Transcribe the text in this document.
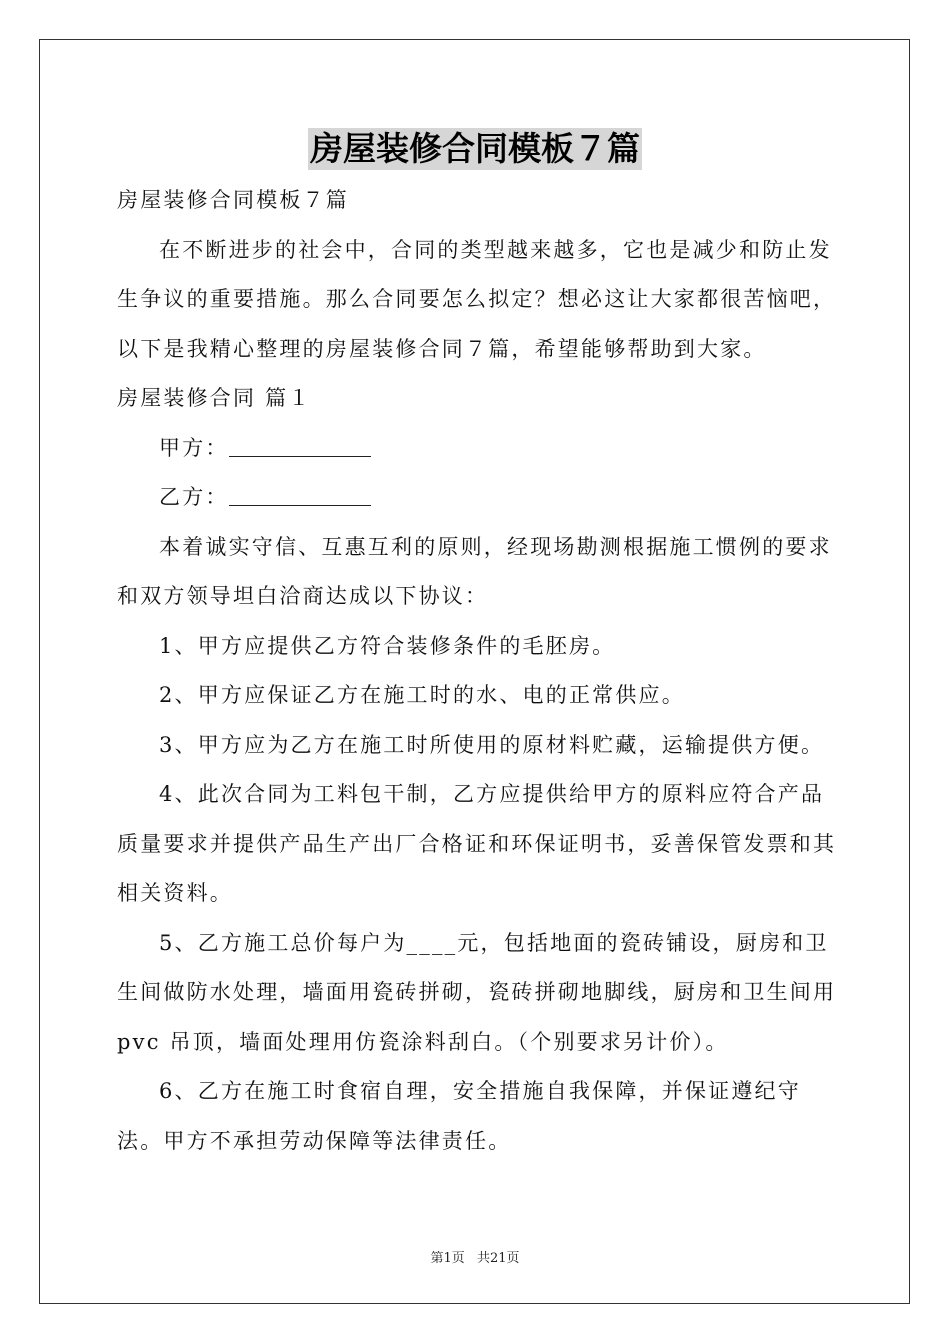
房屋装修合同模板７篇

房屋装修合同模板７篇

在不断进步的社会中，合同的类型越来越多，它也是减少和防止发生争议的重要措施。那么合同要怎么拟定？想必这让大家都很苦恼吧，以下是我精心整理的房屋装修合同７篇，希望能够帮助到大家。

房屋装修合同 篇１

甲方：

乙方：

本着诚实守信、互惠互利的原则，经现场勘测根据施工惯例的要求和双方领导坦白洽商达成以下协议：

1、甲方应提供乙方符合装修条件的毛胚房。

2、甲方应保证乙方在施工时的水、电的正常供应。

3、甲方应为乙方在施工时所使用的原材料贮藏，运输提供方便。

4、此次合同为工料包干制，乙方应提供给甲方的原料应符合产品质量要求并提供产品生产出厂合格证和环保证明书，妥善保管发票和其相关资料。

5、乙方施工总价每户为____元，包括地面的瓷砖铺设，厨房和卫生间做防水处理，墙面用瓷砖拼砌，瓷砖拼砌地脚线，厨房和卫生间用 pvc 吊顶，墙面处理用仿瓷涂料刮白。（个别要求另计价）。

6、乙方在施工时食宿自理，安全措施自我保障，并保证遵纪守法。甲方不承担劳动保障等法律责任。

第1页 共21页
